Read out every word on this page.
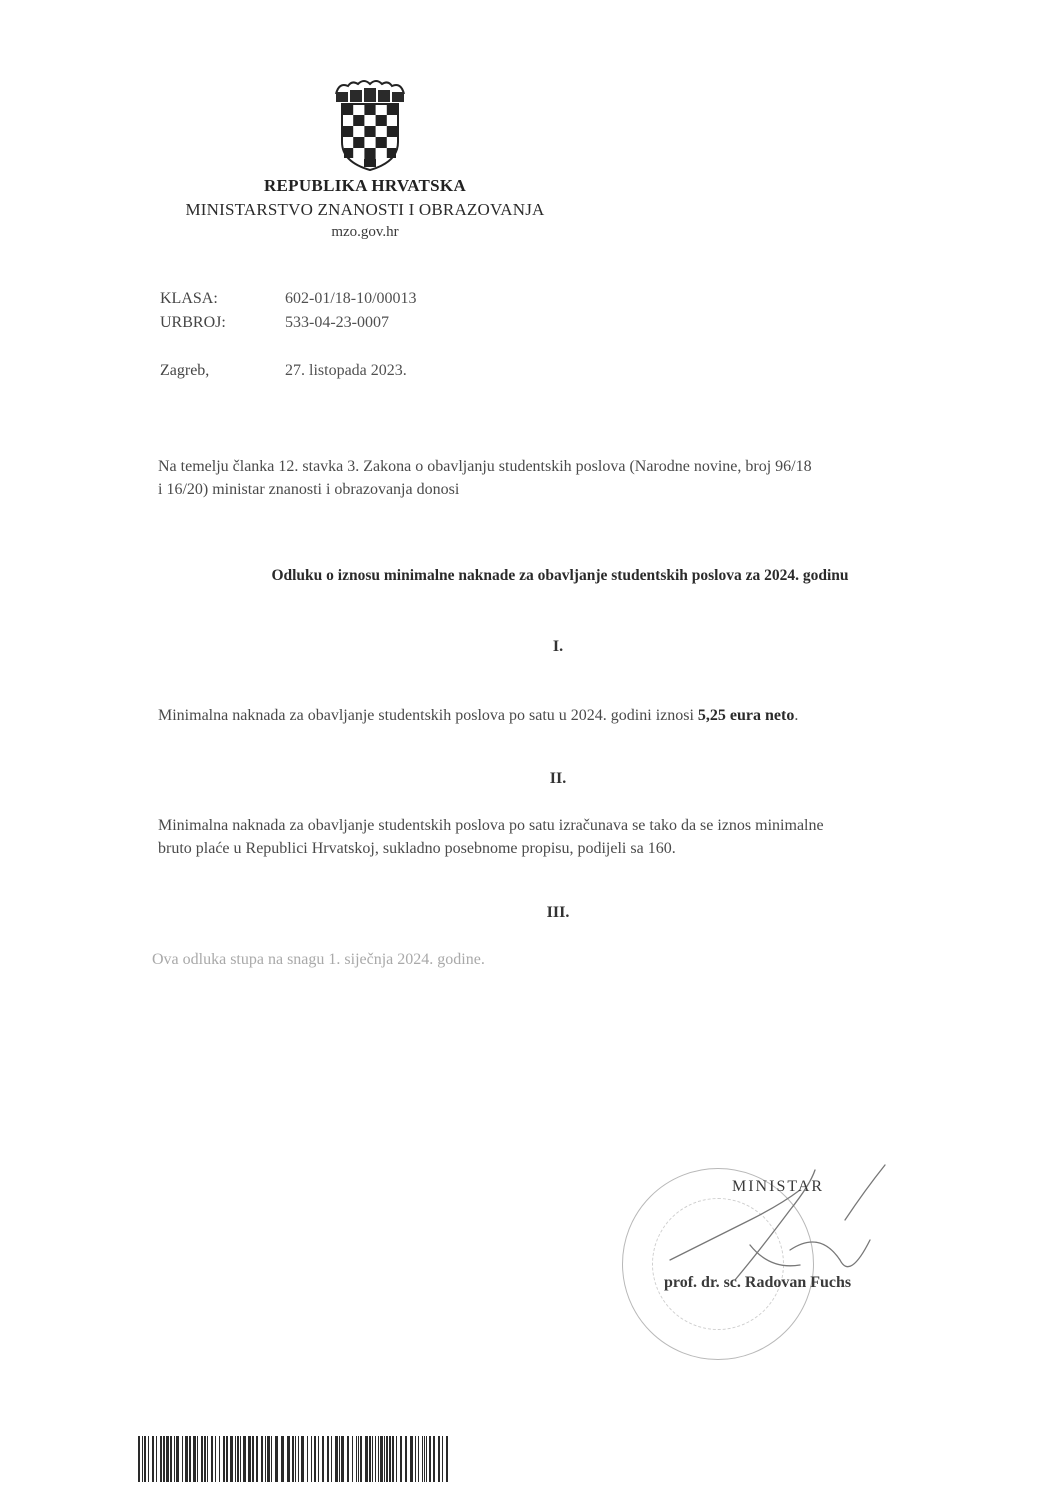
REPUBLIKA HRVATSKA
MINISTARSTVO ZNANOSTI I OBRAZOVANJA
mzo.gov.hr
KLASA:	602-01/18-10/00013
URBROJ:	533-04-23-0007
Zagreb,	27. listopada 2023.
Na temelju članka 12. stavka 3. Zakona o obavljanju studentskih poslova (Narodne novine, broj 96/18
i 16/20) ministar znanosti i obrazovanja donosi
Odluku o iznosu minimalne naknade za obavljanje studentskih poslova za 2024. godinu
I.
Minimalna naknada za obavljanje studentskih poslova po satu u 2024. godini iznosi 5,25 eura neto.
II.
Minimalna naknada za obavljanje studentskih poslova po satu izračunava se tako da se iznos minimalne
bruto plaće u Republici Hrvatskoj, sukladno posebnome propisu, podijeli sa 160.
III.
Ova odluka stupa na snagu 1. siječnja 2024. godine.
MINISTAR
prof. dr. sc. Radovan Fuchs
